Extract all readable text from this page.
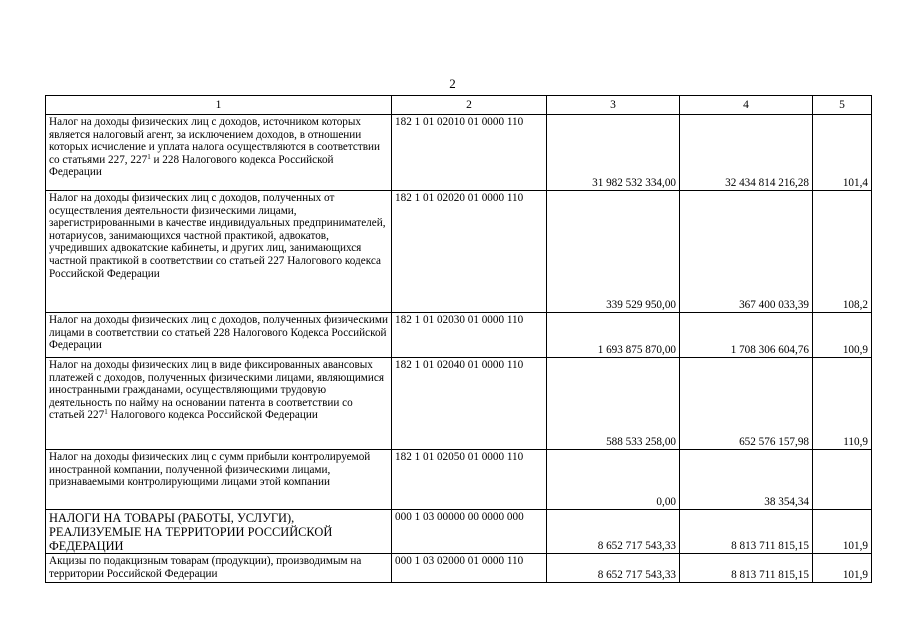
2
1	2	3	4	5
Налог на доходы физических лиц с доходов, источником которых является налоговый агент, за исключением доходов, в отношении которых исчисление и уплата налога осуществляются в соответствии со статьями 227, $227^1$ и 228 Налогового кодекса Российской Федерации	182 1 01 02010 01 0000 110	31 982 532 334,00	32 434 814 216,28	101,4
Налог на доходы физических лиц с доходов, полученных от осуществления деятельности физическими лицами, зарегистрированными в качестве индивидуальных предпринимателей, нотариусов, занимающихся частной практикой, адвокатов, учредивших адвокатские кабинеты, и других лиц, занимающихся частной практикой в соответствии со статьей 227 Налогового кодекса Российской Федерации	182 1 01 02020 01 0000 110	339 529 950,00	367 400 033,39	108,2
Налог на доходы физических лиц с доходов, полученных физическими лицами в соответствии со статьей 228 Налогового Кодекса Российской Федерации	182 1 01 02030 01 0000 110	1 693 875 870,00	1 708 306 604,76	100,9
Налог на доходы физических лиц в виде фиксированных авансовых платежей с доходов, полученных физическими лицами, являющимися иностранными гражданами, осуществляющими трудовую деятельность по найму на основании патента в соответствии со статьей $227^1$ Налогового кодекса Российской Федерации	182 1 01 02040 01 0000 110	588 533 258,00	652 576 157,98	110,9
Налог на доходы физических лиц с сумм прибыли контролируемой иностранной компании, полученной физическими лицами, признаваемыми контролирующими лицами этой компании	182 1 01 02050 01 0000 110	0,00	38 354,34	
НАЛОГИ НА ТОВАРЫ (РАБОТЫ, УСЛУГИ), РЕАЛИЗУЕМЫЕ НА ТЕРРИТОРИИ РОССИЙСКОЙ ФЕДЕРАЦИИ	000 1 03 00000 00 0000 000	8 652 717 543,33	8 813 711 815,15	101,9
Акцизы по подакцизным товарам (продукции), производимым на территории Российской Федерации	000 1 03 02000 01 0000 110	8 652 717 543,33	8 813 711 815,15	101,9
